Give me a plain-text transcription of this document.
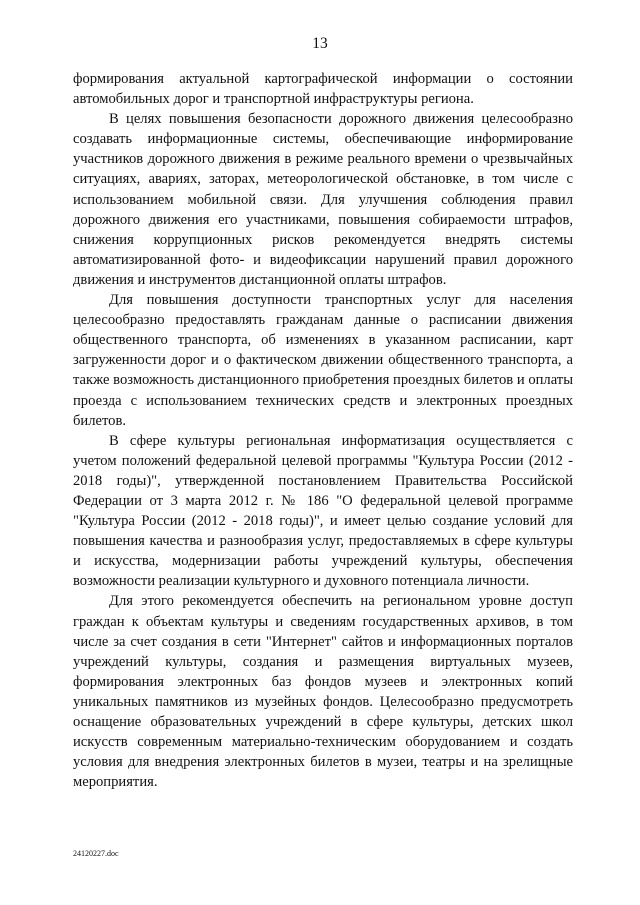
13

формирования актуальной картографической информации о состоянии автомобильных дорог и транспортной инфраструктуры региона.

В целях повышения безопасности дорожного движения целесообразно создавать информационные системы, обеспечивающие информирование участников дорожного движения в режиме реального времени о чрезвычайных ситуациях, авариях, заторах, метеорологической обстановке, в том числе с использованием мобильной связи. Для улучшения соблюдения правил дорожного движения его участниками, повышения собираемости штрафов, снижения коррупционных рисков рекомендуется внедрять системы автоматизированной фото- и видеофиксации нарушений правил дорожного движения и инструментов дистанционной оплаты штрафов.

Для повышения доступности транспортных услуг для населения целесообразно предоставлять гражданам данные о расписании движения общественного транспорта, об изменениях в указанном расписании, карт загруженности дорог и о фактическом движении общественного транспорта, а также возможность дистанционного приобретения проездных билетов и оплаты проезда с использованием технических средств и электронных проездных билетов.

В сфере культуры региональная информатизация осуществляется с учетом положений федеральной целевой программы "Культура России (2012 - 2018 годы)", утвержденной постановлением Правительства Российской Федерации от 3 марта 2012 г. № 186 "О федеральной целевой программе "Культура России (2012 - 2018 годы)", и имеет целью создание условий для повышения качества и разнообразия услуг, предоставляемых в сфере культуры и искусства, модернизации работы учреждений культуры, обеспечения возможности реализации культурного и духовного потенциала личности.

Для этого рекомендуется обеспечить на региональном уровне доступ граждан к объектам культуры и сведениям государственных архивов, в том числе за счет создания в сети "Интернет" сайтов и информационных порталов учреждений культуры, создания и размещения виртуальных музеев, формирования электронных баз фондов музеев и электронных копий уникальных памятников из музейных фондов. Целесообразно предусмотреть оснащение образовательных учреждений в сфере культуры, детских школ искусств современным материально-техническим оборудованием и создать условия для внедрения электронных билетов в музеи, театры и на зрелищные мероприятия.

24120227.doc
